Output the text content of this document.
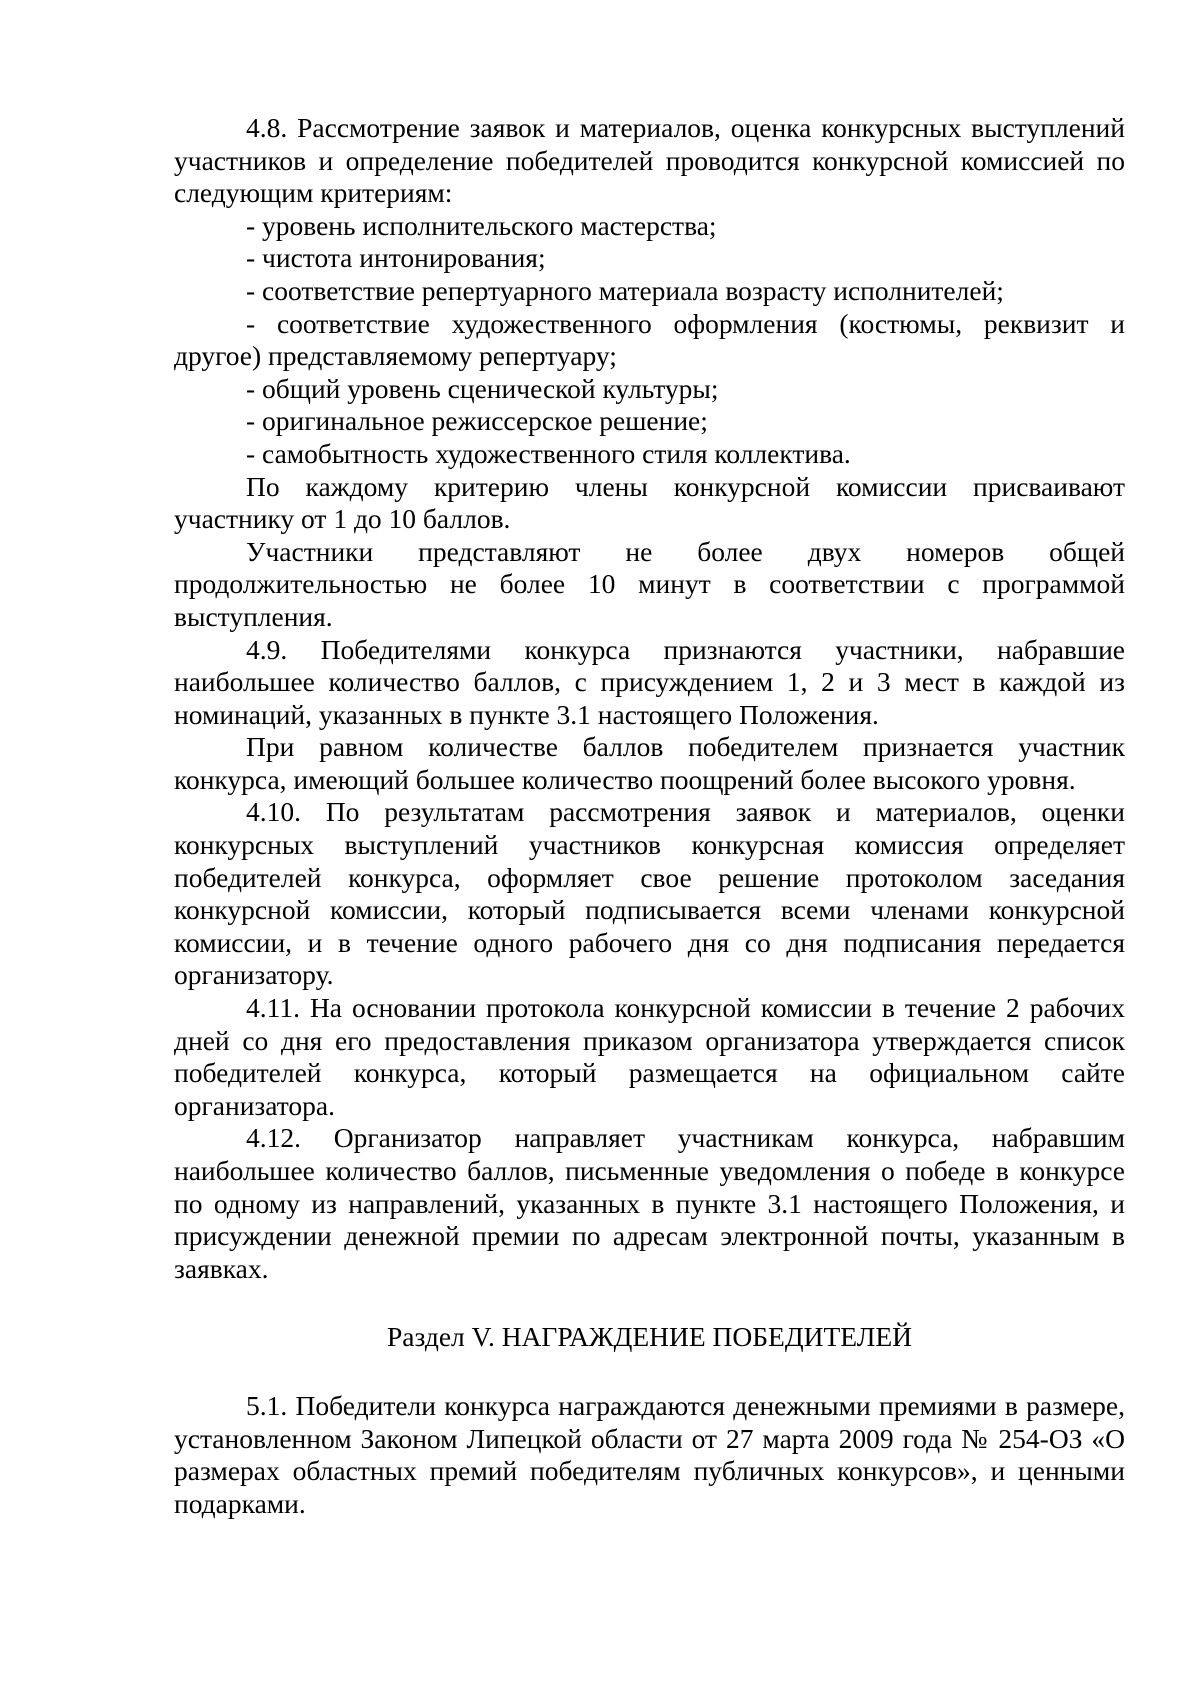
4.8. Рассмотрение заявок и материалов, оценка конкурсных выступлений участников и определение победителей проводится конкурсной комиссией по следующим критериям:

- уровень исполнительского мастерства;

- чистота интонирования;

- соответствие репертуарного материала возрасту исполнителей;

- соответствие художественного оформления (костюмы, реквизит и другое) представляемому репертуару;

- общий уровень сценической культуры;

- оригинальное режиссерское решение;

- самобытность художественного стиля коллектива.

По каждому критерию члены конкурсной комиссии присваивают участнику от 1 до 10 баллов.

Участники представляют не более двух номеров общей продолжительностью не более 10 минут в соответствии с программой выступления.

4.9. Победителями конкурса признаются участники, набравшие наибольшее количество баллов, с присуждением 1, 2 и 3 мест в каждой из номинаций, указанных в пункте 3.1 настоящего Положения.

При равном количестве баллов победителем признается участник конкурса, имеющий большее количество поощрений более высокого уровня.

4.10. По результатам рассмотрения заявок и материалов, оценки конкурсных выступлений участников конкурсная комиссия определяет победителей конкурса, оформляет свое решение протоколом заседания конкурсной комиссии, который подписывается всеми членами конкурсной комиссии, и в течение одного рабочего дня со дня подписания передается организатору.

4.11. На основании протокола конкурсной комиссии в течение 2 рабочих дней со дня его предоставления приказом организатора утверждается список победителей конкурса, который размещается на официальном сайте организатора.

4.12. Организатор направляет участникам конкурса, набравшим наибольшее количество баллов, письменные уведомления о победе в конкурсе по одному из направлений, указанных в пункте 3.1 настоящего Положения, и присуждении денежной премии по адресам электронной почты, указанным в заявках.

Раздел V. НАГРАЖДЕНИЕ ПОБЕДИТЕЛЕЙ

5.1. Победители конкурса награждаются денежными премиями в размере, установленном Законом Липецкой области от 27 марта 2009 года № 254-ОЗ «О размерах областных премий победителям публичных конкурсов», и ценными подарками.
